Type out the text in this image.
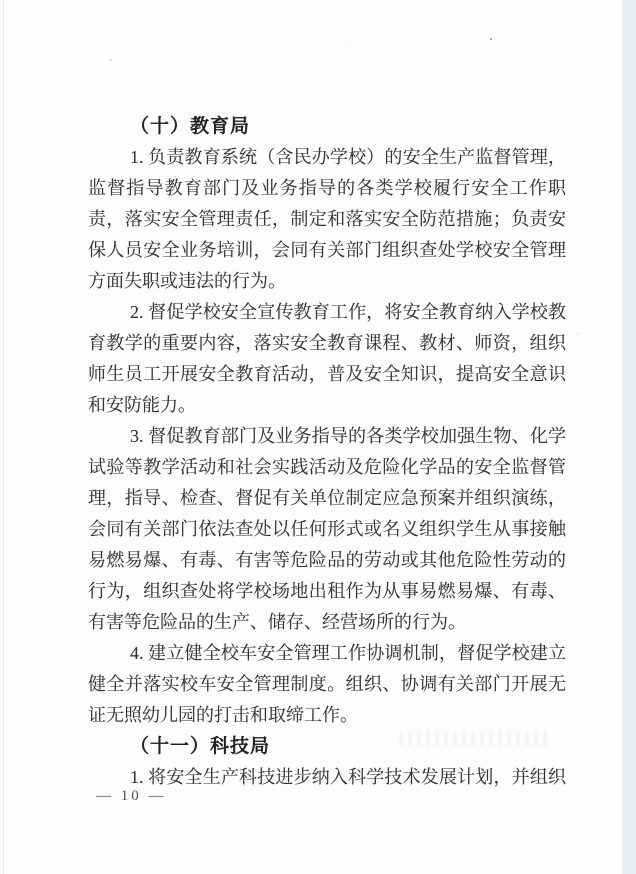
（十）教育局
1. 负责教育系统（含民办学校）的安全生产监督管理，
监督指导教育部门及业务指导的各类学校履行安全工作职
责，落实安全管理责任，制定和落实安全防范措施；负责安
保人员安全业务培训，会同有关部门组织查处学校安全管理
方面失职或违法的行为。
2. 督促学校安全宣传教育工作，将安全教育纳入学校教
育教学的重要内容，落实安全教育课程、教材、师资，组织
师生员工开展安全教育活动，普及安全知识，提高安全意识
和安防能力。
3. 督促教育部门及业务指导的各类学校加强生物、化学
试验等教学活动和社会实践活动及危险化学品的安全监督管
理，指导、检查、督促有关单位制定应急预案并组织演练，
会同有关部门依法查处以任何形式或名义组织学生从事接触
易燃易爆、有毒、有害等危险品的劳动或其他危险性劳动的
行为，组织查处将学校场地出租作为从事易燃易爆、有毒、
有害等危险品的生产、储存、经营场所的行为。
4. 建立健全校车安全管理工作协调机制，督促学校建立
健全并落实校车安全管理制度。组织、协调有关部门开展无
证无照幼儿园的打击和取缔工作。
（十一）科技局
1. 将安全生产科技进步纳入科学技术发展计划，并组织
— 10 —
